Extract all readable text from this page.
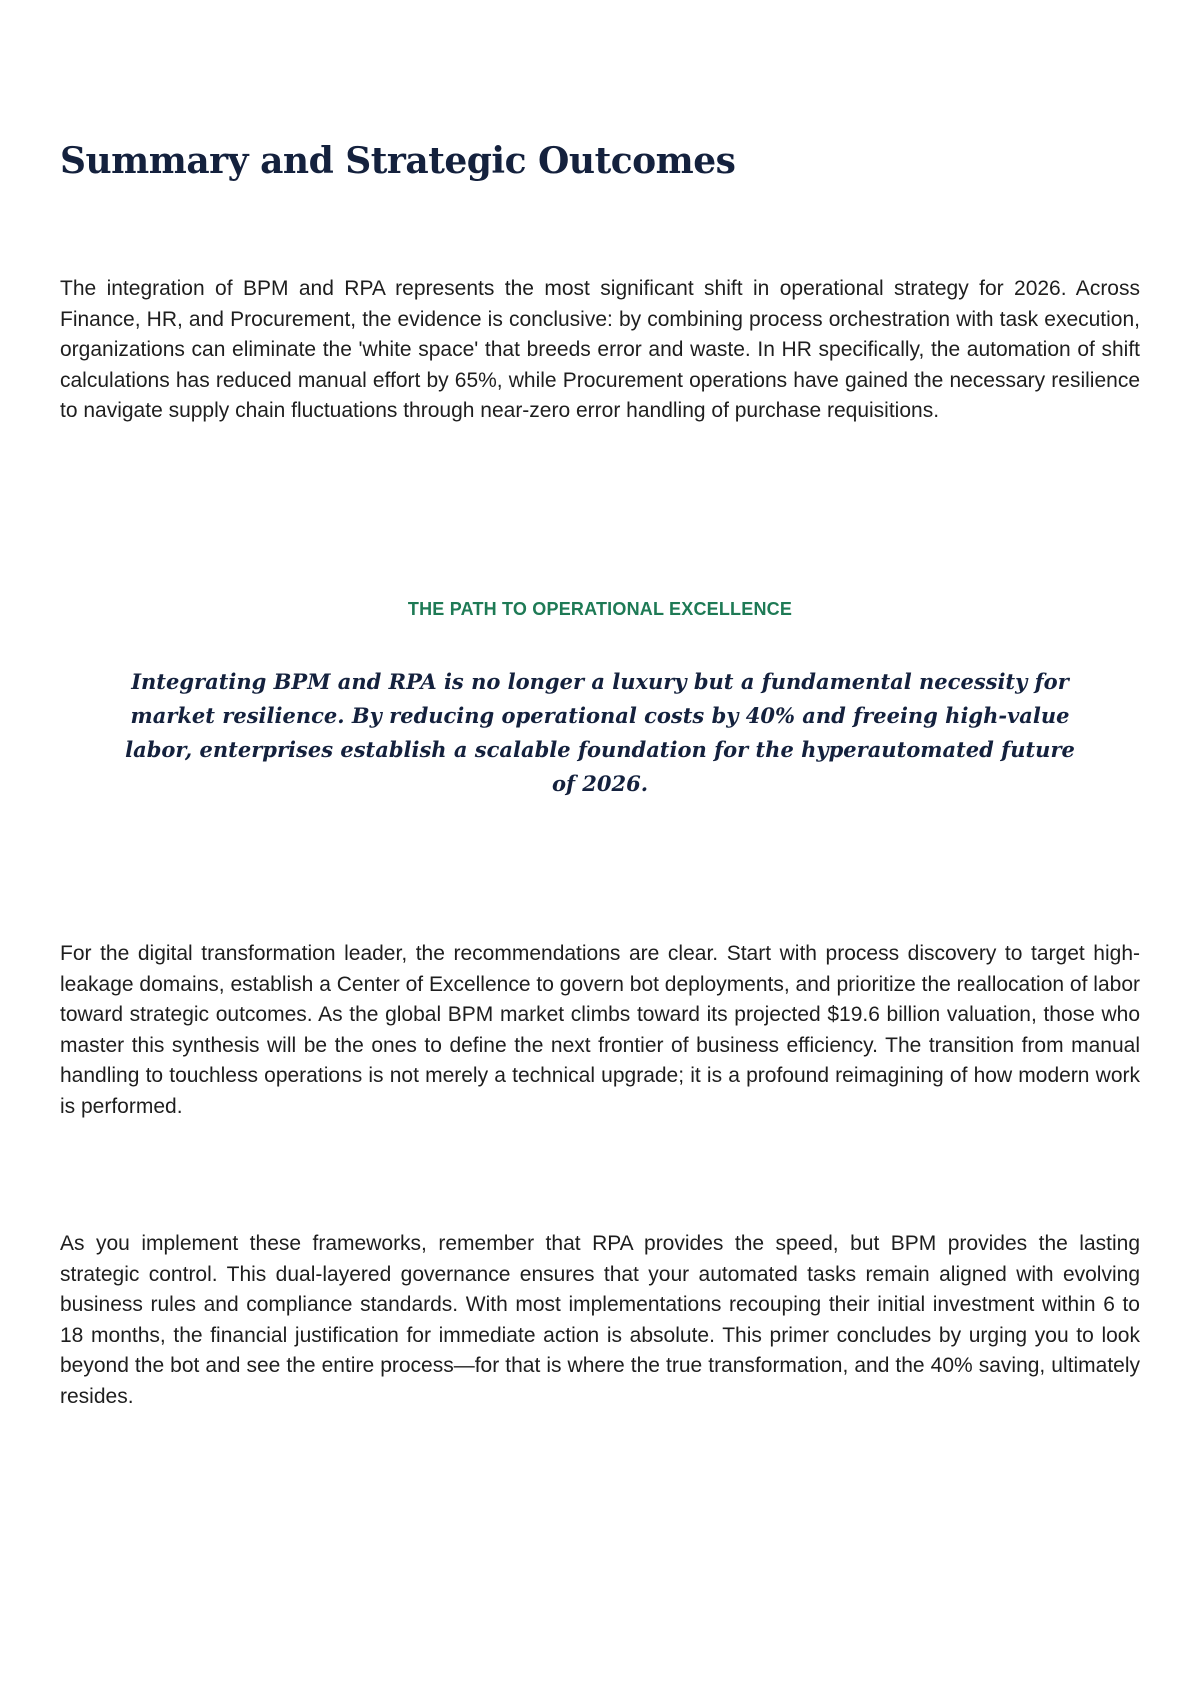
Summary and Strategic Outcomes

The integration of BPM and RPA represents the most significant shift in operational strategy for 2026. Across Finance, HR, and Procurement, the evidence is conclusive: by combining process orchestration with task execution, organizations can eliminate the 'white space' that breeds error and waste. In HR specifically, the automation of shift calculations has reduced manual effort by 65%, while Procurement operations have gained the necessary resilience to navigate supply chain fluctuations through near-zero error handling of purchase requisitions.

THE PATH TO OPERATIONAL EXCELLENCE

Integrating BPM and RPA is no longer a luxury but a fundamental necessity for market resilience. By reducing operational costs by 40% and freeing high-value labor, enterprises establish a scalable foundation for the hyperautomated future of 2026.

For the digital transformation leader, the recommendations are clear. Start with process discovery to target high-leakage domains, establish a Center of Excellence to govern bot deployments, and prioritize the reallocation of labor toward strategic outcomes. As the global BPM market climbs toward its projected $19.6 billion valuation, those who master this synthesis will be the ones to define the next frontier of business efficiency. The transition from manual handling to touchless operations is not merely a technical upgrade; it is a profound reimagining of how modern work is performed.

As you implement these frameworks, remember that RPA provides the speed, but BPM provides the lasting strategic control. This dual-layered governance ensures that your automated tasks remain aligned with evolving business rules and compliance standards. With most implementations recouping their initial investment within 6 to 18 months, the financial justification for immediate action is absolute. This primer concludes by urging you to look beyond the bot and see the entire process—for that is where the true transformation, and the 40% saving, ultimately resides.
